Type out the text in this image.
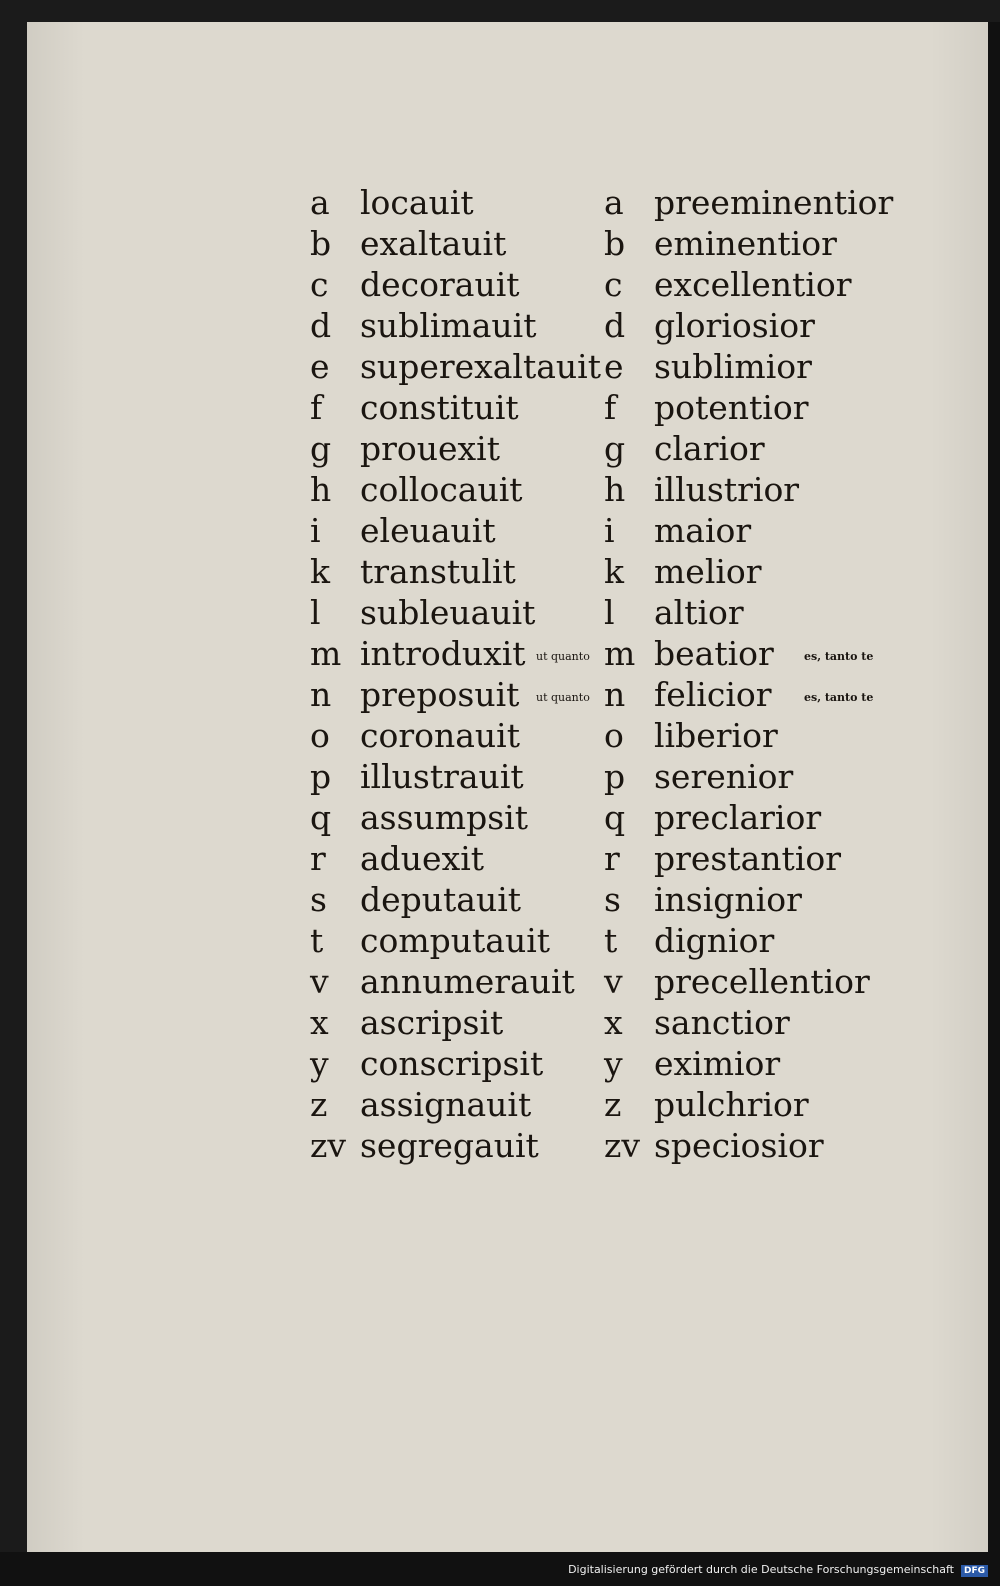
a locauit	a preeminentior
b exaltauit	b eminentior
c decorauit	c excellentior
d sublimauit d gloriosior
e superexaltauit e sublimior
f	constituit	f	potentior
g prouexit	g clarior
h collocauit h illustrior
i	eleuauit	i	maior
k transtulit	k melior
l	subleuauit l	altior
m introduxit ut quanto m beatior	es, tanto te
n preposuit ut quanto n felicior	es, tanto te
o coronauit	o liberior
p illustrauit p serenior
q assumpsit q preclarior
r	aduexit	r	prestantior
s	deputauit	s	insignior
t	computauit t	dignior
v annumerauit v precellentior
x ascripsit	x sanctior
y conscripsit y eximior
z assignauit z pulchrior
zv segregauit zv speciosior
Digitalisierung gefördert durch die Deutsche Forschungsgemeinschaft	DFG
